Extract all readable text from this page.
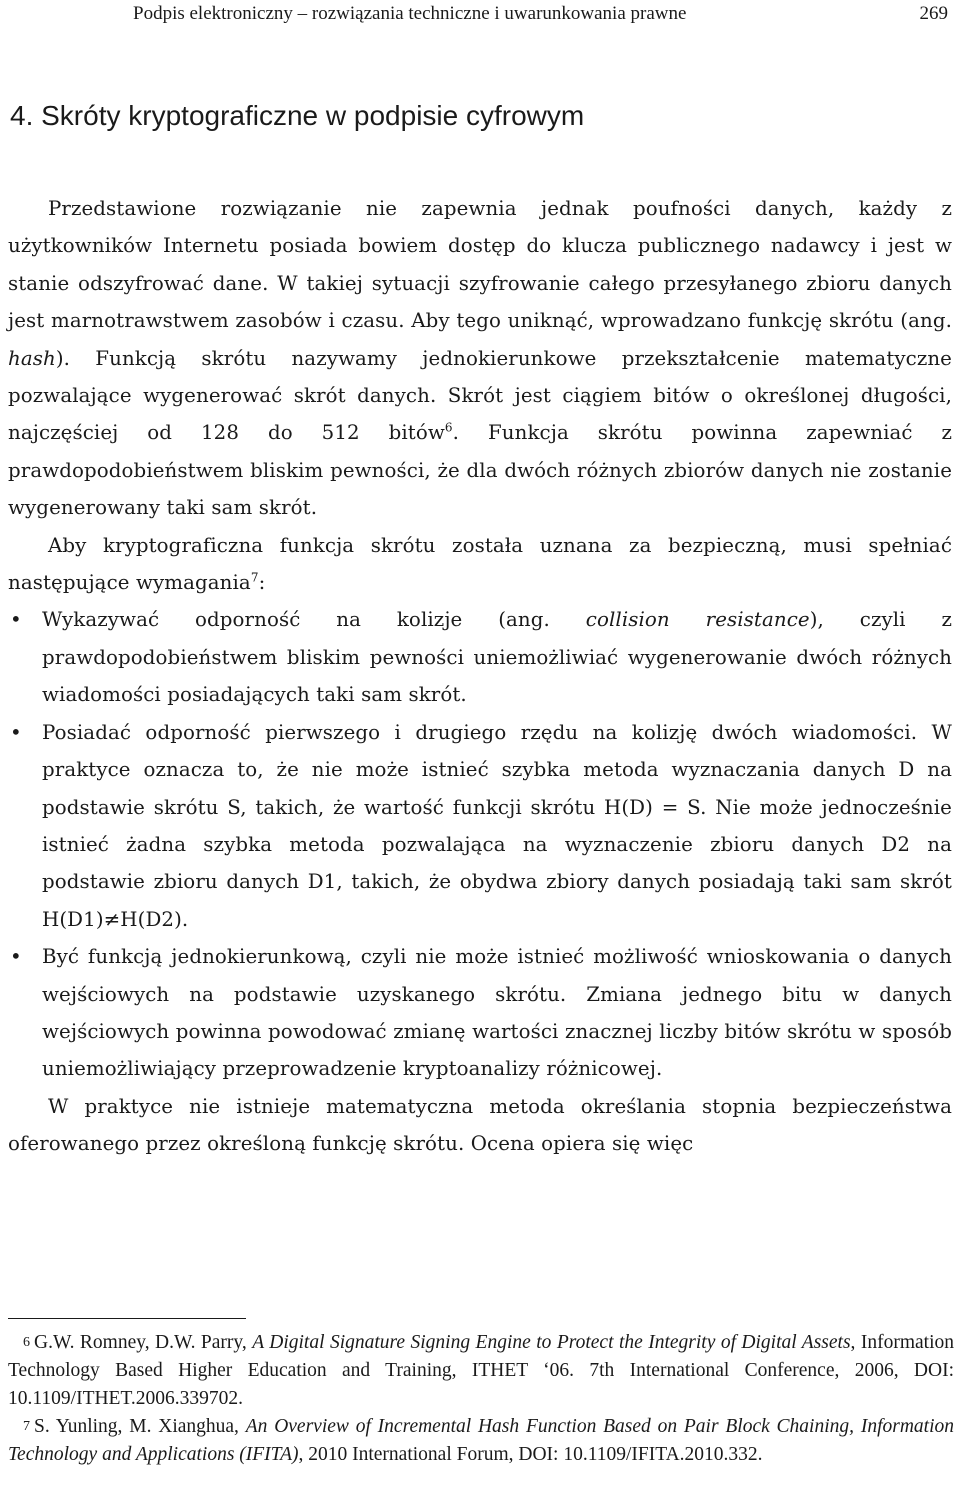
Podpis elektroniczny – rozwiązania techniczne i uwarunkowania prawne	269
4. Skróty kryptograficzne w podpisie cyfrowym

Przedstawione rozwiązanie nie zapewnia jednak poufności danych, każdy z użytkowników Internetu posiada bowiem dostęp do klucza publicznego nadawcy i jest w stanie odszyfrować dane. W takiej sytuacji szyfrowanie całego przesyłanego zbioru danych jest marnotrawstwem zasobów i czasu. Aby tego uniknąć, wprowadzano funkcję skrótu (ang. hash). Funkcją skrótu nazywamy jednokierunkowe przekształcenie matematyczne pozwalające wygenerować skrót danych. Skrót jest ciągiem bitów o określonej długości, najczęściej od 128 do 512 bitów$^6$. Funkcja skrótu powinna zapewniać z prawdopodobieństwem bliskim pewności, że dla dwóch różnych zbiorów danych nie zostanie wygenerowany taki sam skrót.

Aby kryptograficzna funkcja skrótu została uznana za bezpieczną, musi spełniać następujące wymagania$^7$:

• Wykazywać odporność na kolizje (ang. collision resistance), czyli z prawdopodobieństwem bliskim pewności uniemożliwiać wygenerowanie dwóch różnych wiadomości posiadających taki sam skrót.
• Posiadać odporność pierwszego i drugiego rzędu na kolizję dwóch wiadomości. W praktyce oznacza to, że nie może istnieć szybka metoda wyznaczania danych D na podstawie skrótu S, takich, że wartość funkcji skrótu H(D) = S. Nie może jednocześnie istnieć żadna szybka metoda pozwalająca na wyznaczenie zbioru danych D2 na podstawie zbioru danych D1, takich, że obydwa zbiory danych posiadają taki sam skrót H(D1)≠H(D2).
• Być funkcją jednokierunkową, czyli nie może istnieć możliwość wnioskowania o danych wejściowych na podstawie uzyskanego skrótu. Zmiana jednego bitu w danych wejściowych powinna powodować zmianę wartości znacznej liczby bitów skrótu w sposób uniemożliwiający przeprowadzenie kryptoanalizy różnicowej.

W praktyce nie istnieje matematyczna metoda określania stopnia bezpieczeństwa oferowanego przez określoną funkcję skrótu. Ocena opiera się więc

6 G.W. Romney, D.W. Parry, A Digital Signature Signing Engine to Protect the Integrity of Digital Assets, Information Technology Based Higher Education and Training, ITHET ‘06. 7th International Conference, 2006, DOI: 10.1109/ITHET.2006.339702.

7 S. Yunling, M. Xianghua, An Overview of Incremental Hash Function Based on Pair Block Chaining, Information Technology and Applications (IFITA), 2010 International Forum, DOI: 10.1109/IFITA.2010.332.
